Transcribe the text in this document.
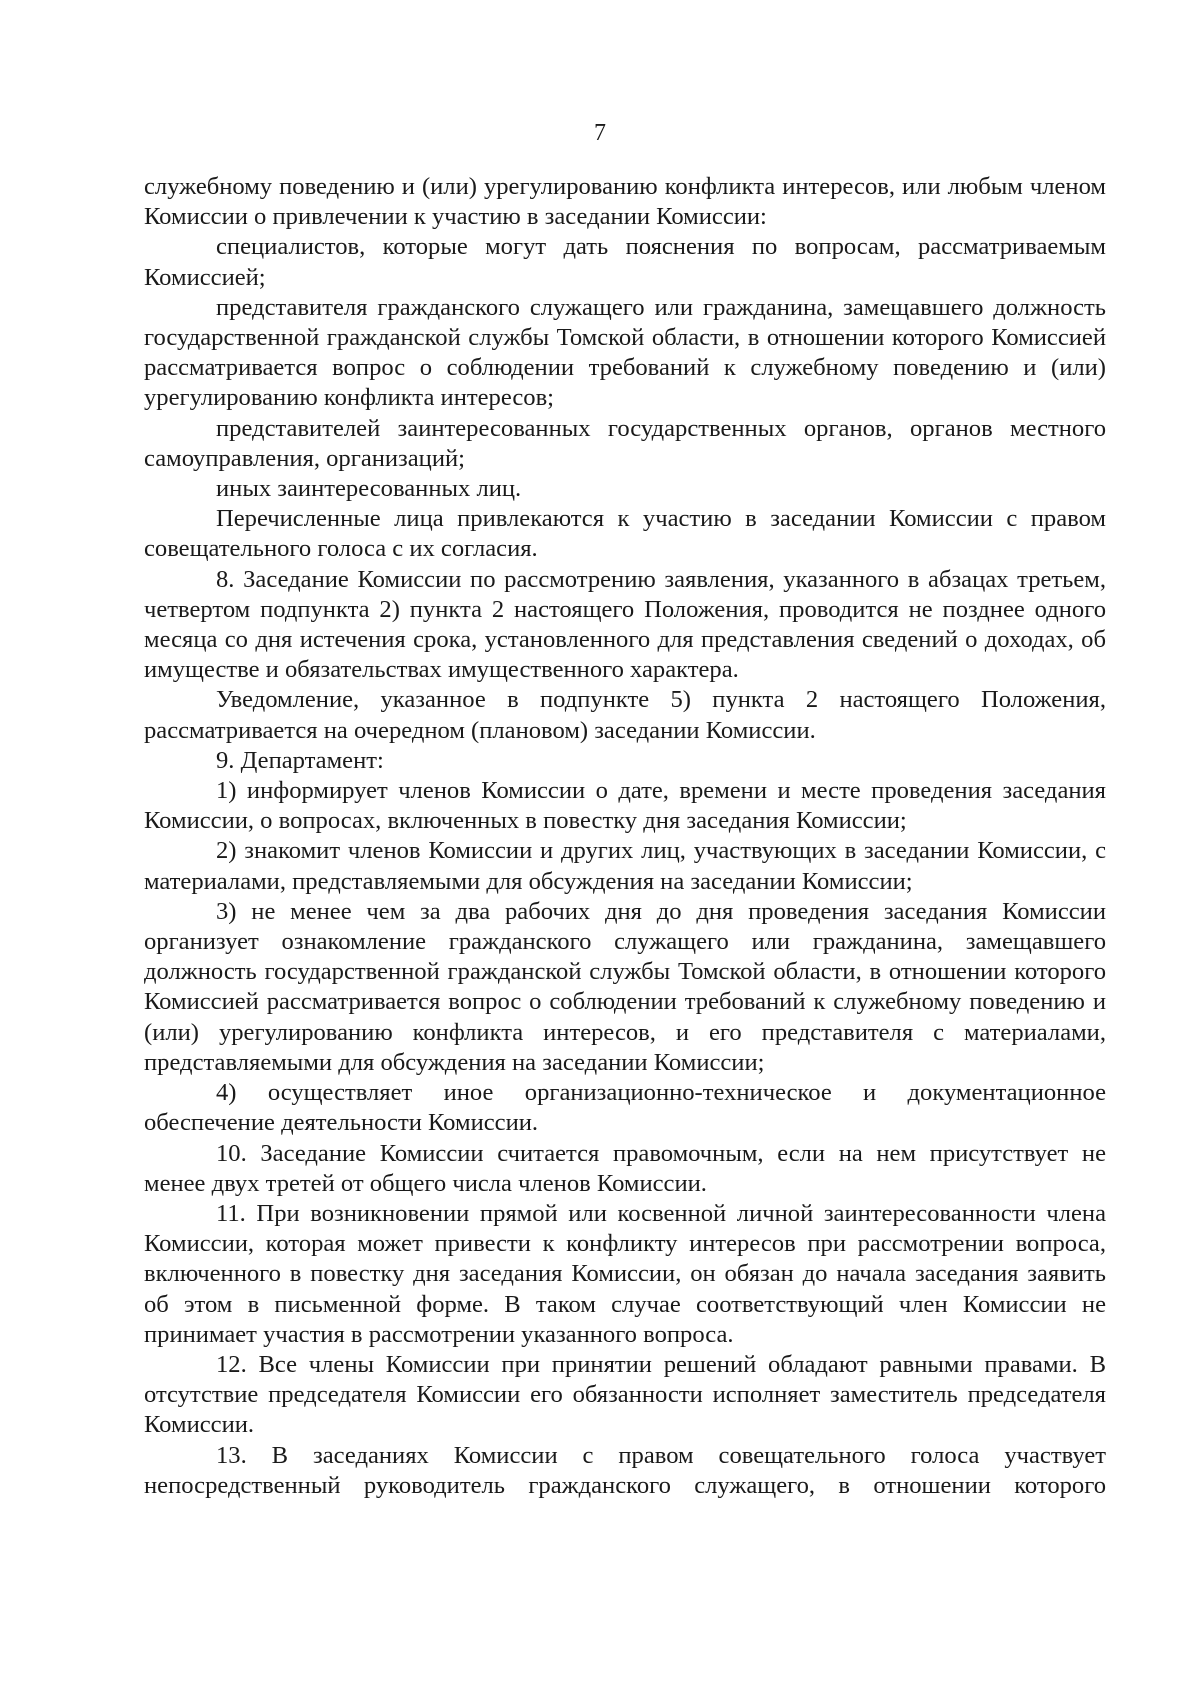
7

служебному поведению и (или) урегулированию конфликта интересов, или любым членом Комиссии о привлечении к участию в заседании Комиссии:

специалистов, которые могут дать пояснения по вопросам, рассматриваемым Комиссией;

представителя гражданского служащего или гражданина, замещавшего должность государственной гражданской службы Томской области, в отношении которого Комиссией рассматривается вопрос о соблюдении требований к служебному поведению и (или) урегулированию конфликта интересов;

представителей заинтересованных государственных органов, органов местного самоуправления, организаций;

иных заинтересованных лиц.

Перечисленные лица привлекаются к участию в заседании Комиссии с правом совещательного голоса с их согласия.

8. Заседание Комиссии по рассмотрению заявления, указанного в абзацах третьем, четвертом подпункта 2) пункта 2 настоящего Положения, проводится не позднее одного месяца со дня истечения срока, установленного для представления сведений о доходах, об имуществе и обязательствах имущественного характера.

Уведомление, указанное в подпункте 5) пункта 2 настоящего Положения, рассматривается на очередном (плановом) заседании Комиссии.

9. Департамент:

1) информирует членов Комиссии о дате, времени и месте проведения заседания Комиссии, о вопросах, включенных в повестку дня заседания Комиссии;

2) знакомит членов Комиссии и других лиц, участвующих в заседании Комиссии, с материалами, представляемыми для обсуждения на заседании Комиссии;

3) не менее чем за два рабочих дня до дня проведения заседания Комиссии организует ознакомление гражданского служащего или гражданина, замещавшего должность государственной гражданской службы Томской области, в отношении которого Комиссией рассматривается вопрос о соблюдении требований к служебному поведению и (или) урегулированию конфликта интересов, и его представителя с материалами, представляемыми для обсуждения на заседании Комиссии;

4) осуществляет иное организационно-техническое и документационное обеспечение деятельности Комиссии.

10. Заседание Комиссии считается правомочным, если на нем присутствует не менее двух третей от общего числа членов Комиссии.

11. При возникновении прямой или косвенной личной заинтересованности члена Комиссии, которая может привести к конфликту интересов при рассмотрении вопроса, включенного в повестку дня заседания Комиссии, он обязан до начала заседания заявить об этом в письменной форме. В таком случае соответствующий член Комиссии не принимает участия в рассмотрении указанного вопроса.

12. Все члены Комиссии при принятии решений обладают равными правами. В отсутствие председателя Комиссии его обязанности исполняет заместитель председателя Комиссии.

13. В заседаниях Комиссии с правом совещательного голоса участвует непосредственный руководитель гражданского служащего, в отношении которого
